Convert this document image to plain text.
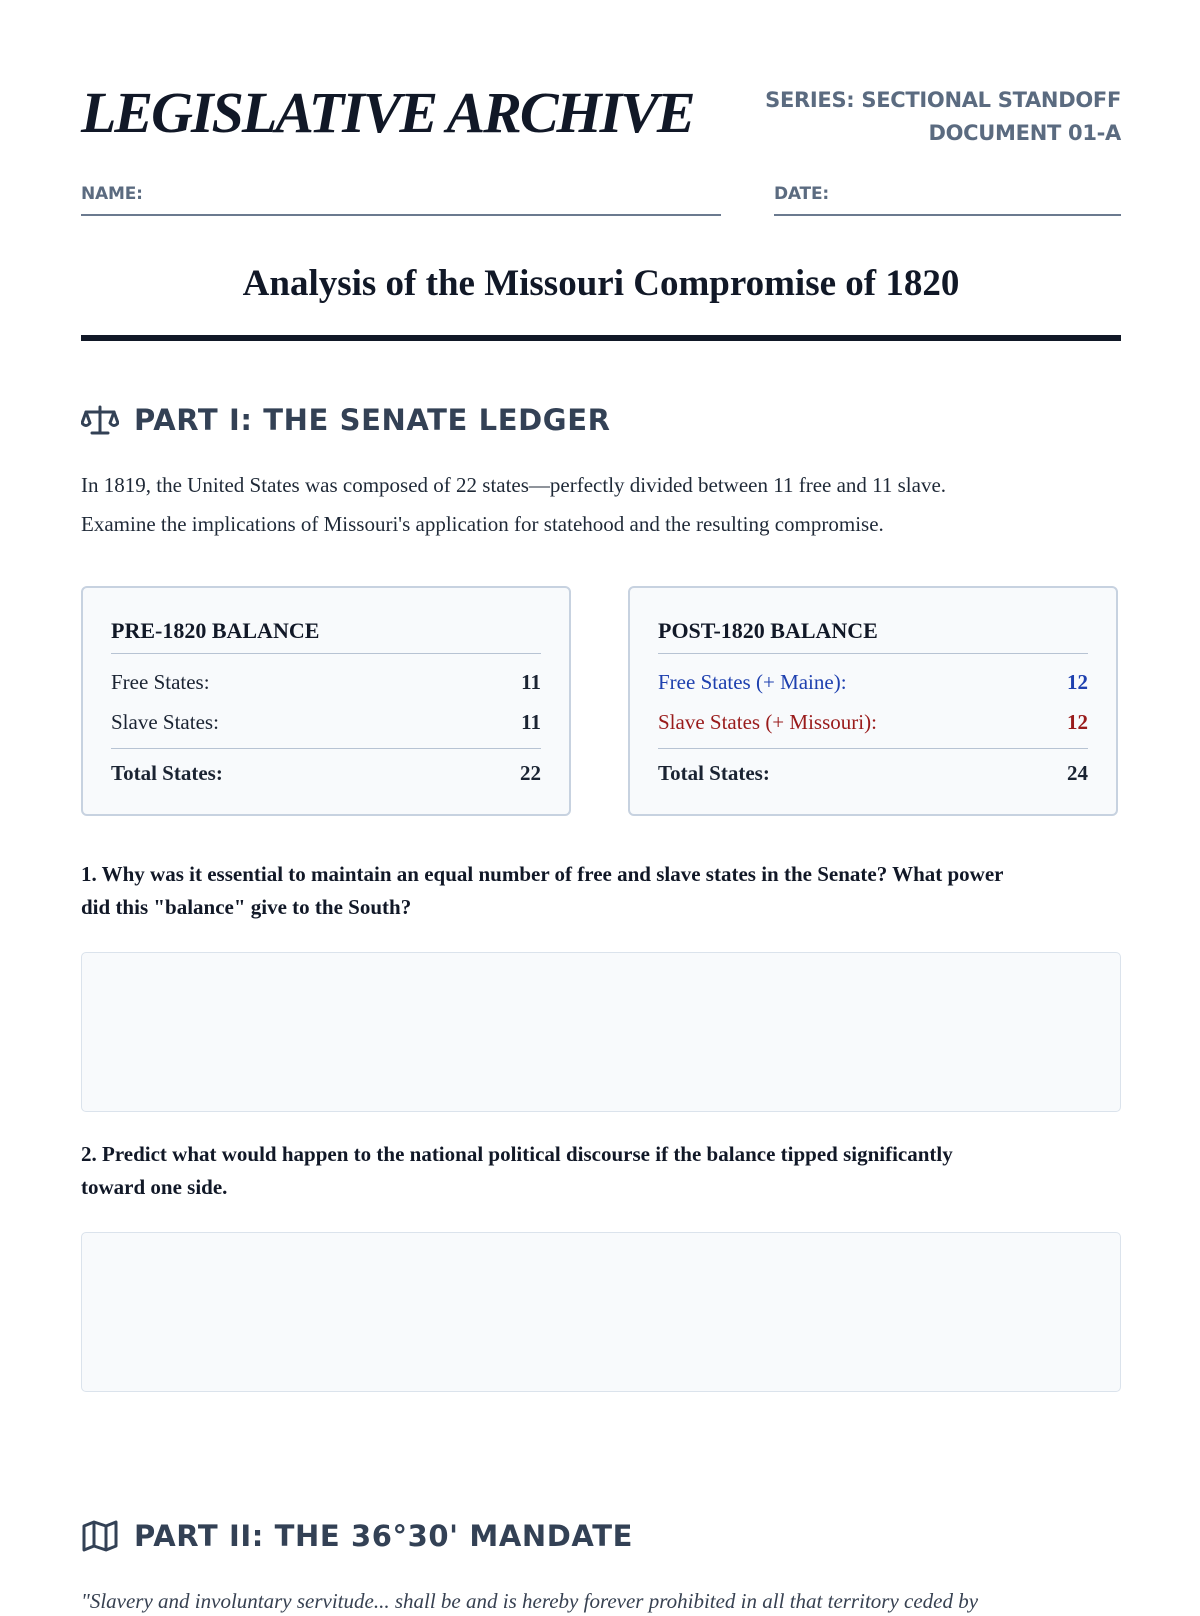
LEGISLATIVE ARCHIVE	SERIES: SECTIONAL STANDOFF
DOCUMENT 01-A
NAME:	DATE:
Analysis of the Missouri Compromise of 1820
PART I: THE SENATE LEDGER
In 1819, the United States was composed of 22 states—perfectly divided between 11 free and 11 slave.
Examine the implications of Missouri's application for statehood and the resulting compromise.
PRE-1820 BALANCE
Free States:	11
Slave States:	11
Total States:	22
POST-1820 BALANCE
Free States (+ Maine):	12
Slave States (+ Missouri):	12
Total States:	24
1. Why was it essential to maintain an equal number of free and slave states in the Senate? What power
did this "balance" give to the South?
2. Predict what would happen to the national political discourse if the balance tipped significantly
toward one side.
PART II: THE 36°30' MANDATE
"Slavery and involuntary servitude... shall be and is hereby forever prohibited in all that territory ceded by
